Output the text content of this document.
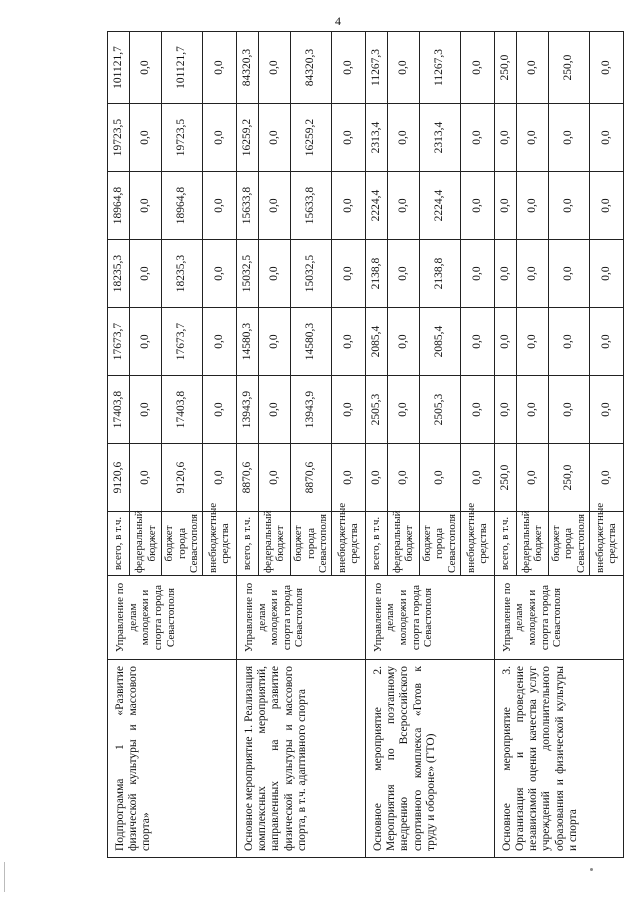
4
Подпрограмма 1 «Развитие физической культуры и массового спорта»	Управление по делам молодежи и спорта города Севастополя	всего, в т.ч.	9120,6	17403,8	17673,7	18235,3	18964,8	19723,5	101121,7
		федеральный бюджет	0,0	0,0	0,0	0,0	0,0	0,0	0,0
		бюджет города Севастополя	9120,6	17403,8	17673,7	18235,3	18964,8	19723,5	101121,7
		внебюджетные средства	0,0	0,0	0,0	0,0	0,0	0,0	0,0
Основное мероприятие 1. Реализация комплексных мероприятий, направленных на развитие физической культуры и массового спорта, в т.ч. адаптивного спорта	Управление по делам молодежи и спорта города Севастополя	всего, в т.ч.	8870,6	13943,9	14580,3	15032,5	15633,8	16259,2	84320,3
		федеральный бюджет	0,0	0,0	0,0	0,0	0,0	0,0	0,0
		бюджет города Севастополя	8870,6	13943,9	14580,3	15032,5	15633,8	16259,2	84320,3
		внебюджетные средства	0,0	0,0	0,0	0,0	0,0	0,0	0,0
Основное мероприятие 2. Мероприятия по поэтапному внедрению Всероссийского спортивного комплекса «Готов к труду и обороне» (ГТО)	Управление по делам молодежи и спорта города Севастополя	всего, в т.ч.	0,0	2505,3	2085,4	2138,8	2224,4	2313,4	11267,3
		федеральный бюджет	0,0	0,0	0,0	0,0	0,0	0,0	0,0
		бюджет города Севастополя	0,0	2505,3	2085,4	2138,8	2224,4	2313,4	11267,3
		внебюджетные средства	0,0	0,0	0,0	0,0	0,0	0,0	0,0
Основное мероприятие 3. Организация и проведение независимой оценки качества услуг учреждений дополнительного образования и физической культуры и спорта	Управление по делам молодежи и спорта города Севастополя	всего, в т.ч.	250,0	0,0	0,0	0,0	0,0	0,0	250,0
		федеральный бюджет	0,0	0,0	0,0	0,0	0,0	0,0	0,0
		бюджет города Севастополя	250,0	0,0	0,0	0,0	0,0	0,0	250,0
		внебюджетные средства	0,0	0,0	0,0	0,0	0,0	0,0	0,0
